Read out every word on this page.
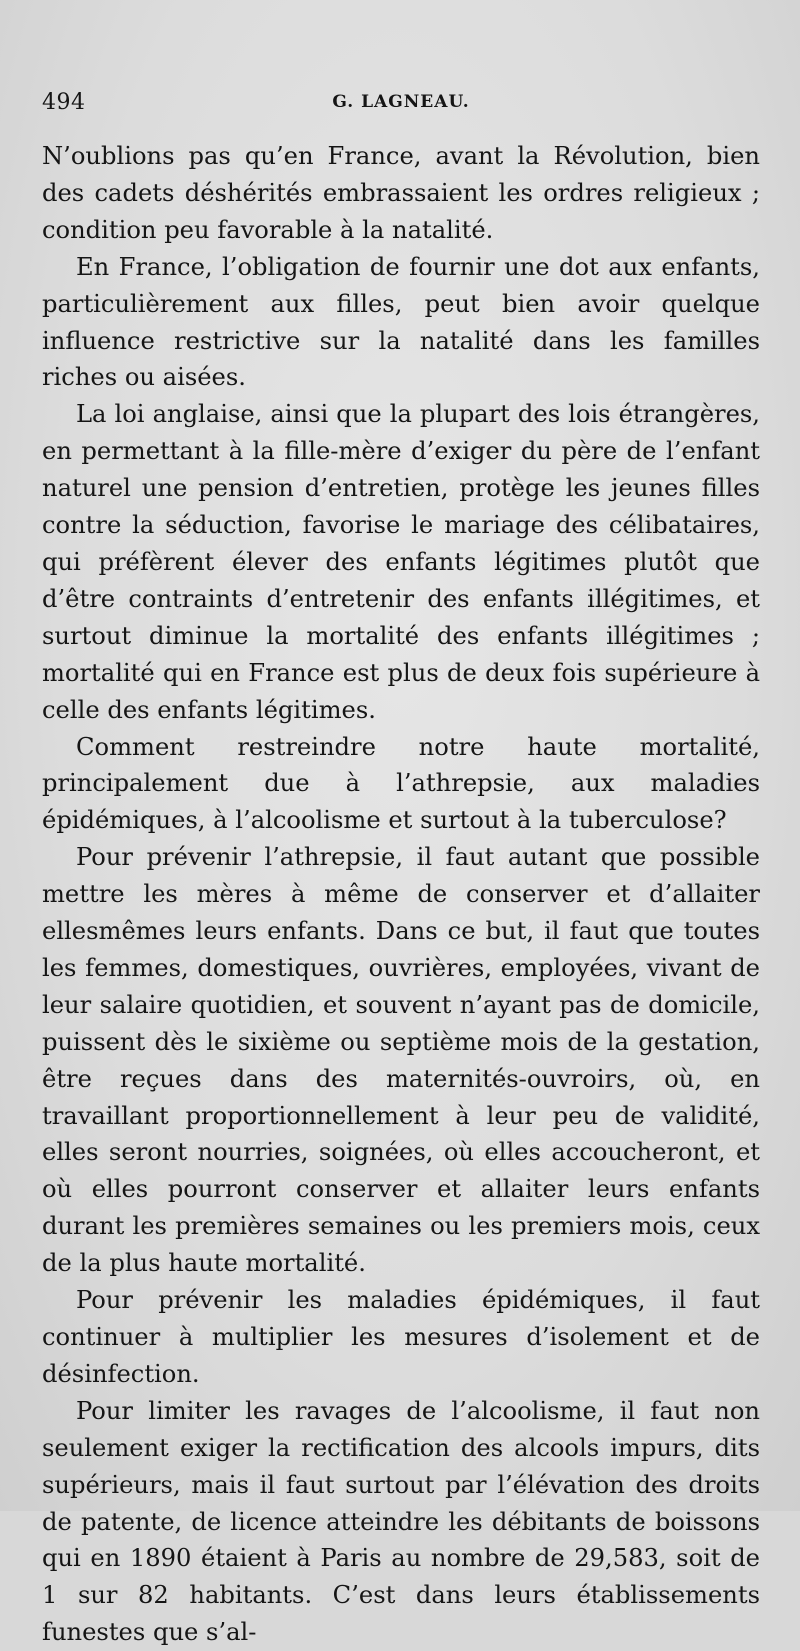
494	G. LAGNEAU.

N’oublions pas qu’en France, avant la Révolution, bien des cadets déshérités embrassaient les ordres religieux ; condition peu favorable à la natalité.

En France, l’obligation de fournir une dot aux enfants, particulièrement aux filles, peut bien avoir quelque influence restrictive sur la natalité dans les familles riches ou aisées.

La loi anglaise, ainsi que la plupart des lois étrangères, en permettant à la fille-mère d’exiger du père de l’enfant naturel une pension d’entretien, protège les jeunes filles contre la séduction, favorise le mariage des célibataires, qui préfèrent élever des enfants légitimes plutôt que d’être contraints d’entretenir des enfants illégitimes, et surtout diminue la mortalité des enfants illégitimes ; mortalité qui en France est plus de deux fois supérieure à celle des enfants légitimes.

Comment restreindre notre haute mortalité, principalement due à l’athrepsie, aux maladies épidémiques, à l’alcoolisme et surtout à la tuberculose?

Pour prévenir l’athrepsie, il faut autant que possible mettre les mères à même de conserver et d’allaiter ellesmêmes leurs enfants. Dans ce but, il faut que toutes les femmes, domestiques, ouvrières, employées, vivant de leur salaire quotidien, et souvent n’ayant pas de domicile, puissent dès le sixième ou septième mois de la gestation, être reçues dans des maternités-ouvroirs, où, en travaillant proportionnellement à leur peu de validité, elles seront nourries, soignées, où elles accoucheront, et où elles pourront conserver et allaiter leurs enfants durant les premières semaines ou les premiers mois, ceux de la plus haute mortalité.

Pour prévenir les maladies épidémiques, il faut continuer à multiplier les mesures d’isolement et de désinfection.

Pour limiter les ravages de l’alcoolisme, il faut non seulement exiger la rectification des alcools impurs, dits supérieurs, mais il faut surtout par l’élévation des droits de patente, de licence atteindre les débitants de boissons qui en 1890 étaient à Paris au nombre de 29,583, soit de 1 sur 82 habitants. C’est dans leurs établissements funestes que s’al-
